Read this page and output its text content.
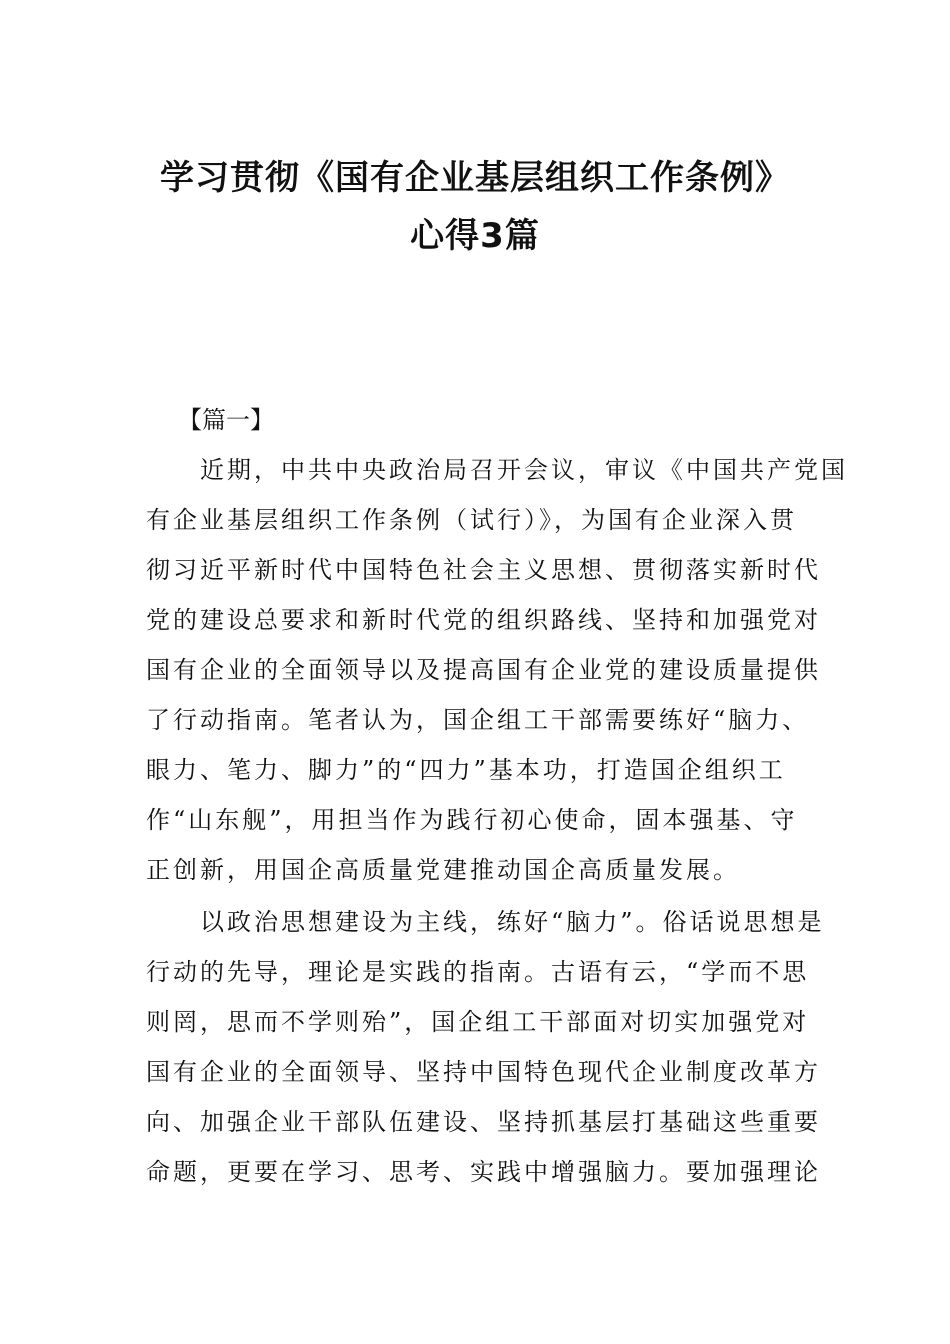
学习贯彻《国有企业基层组织工作条例》
心得3篇
【篇一】
　　近期，中共中央政治局召开会议，审议《中国共产党国
有企业基层组织工作条例（试行）》，为国有企业深入贯
彻习近平新时代中国特色社会主义思想、贯彻落实新时代
党的建设总要求和新时代党的组织路线、坚持和加强党对
国有企业的全面领导以及提高国有企业党的建设质量提供
了行动指南。笔者认为，国企组工干部需要练好“脑力、
眼力、笔力、脚力”的“四力”基本功，打造国企组织工
作“山东舰”，用担当作为践行初心使命，固本强基、守
正创新，用国企高质量党建推动国企高质量发展。
　　以政治思想建设为主线，练好“脑力”。俗话说思想是
行动的先导，理论是实践的指南。古语有云，“学而不思
则罔，思而不学则殆”，国企组工干部面对切实加强党对
国有企业的全面领导、坚持中国特色现代企业制度改革方
向、加强企业干部队伍建设、坚持抓基层打基础这些重要
命题，更要在学习、思考、实践中增强脑力。要加强理论
